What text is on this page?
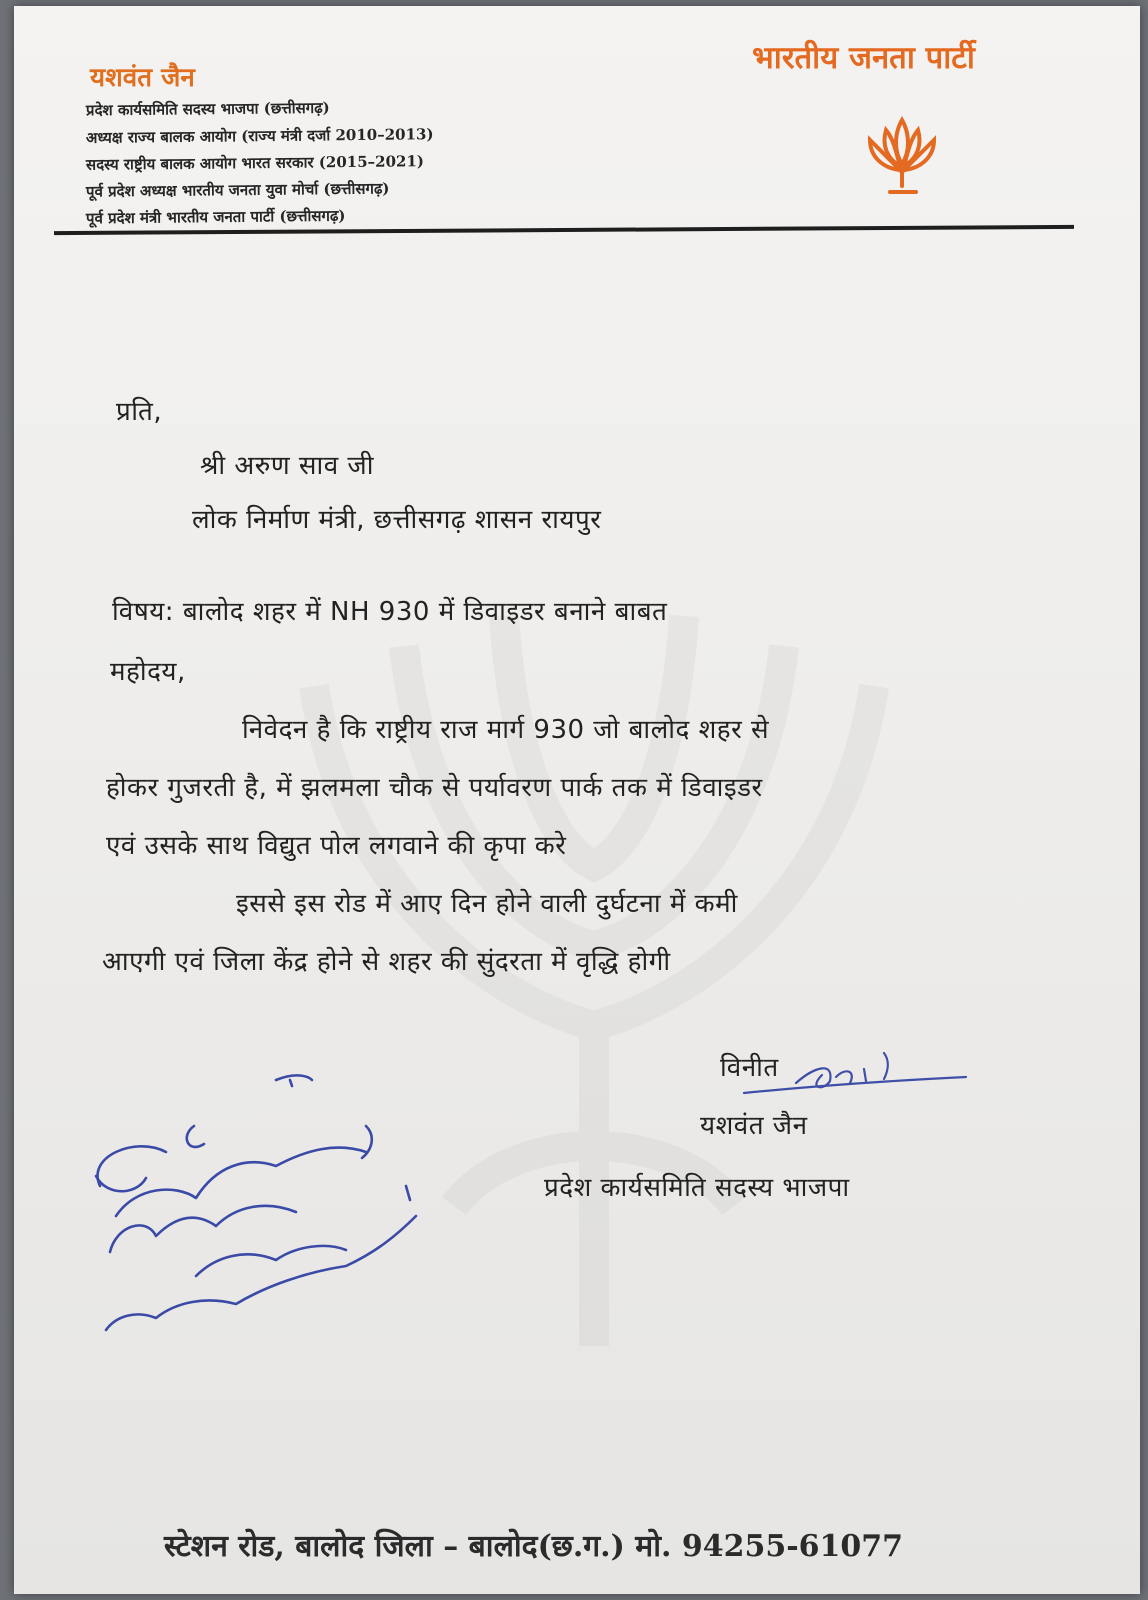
यशवंत जैन
प्रदेश कार्यसमिति सदस्य भाजपा (छत्तीसगढ़)
अध्यक्ष राज्य बालक आयोग (राज्य मंत्री दर्जा 2010–2013)
सदस्य राष्ट्रीय बालक आयोग भारत सरकार (2015–2021)
पूर्व प्रदेश अध्यक्ष भारतीय जनता युवा मोर्चा (छत्तीसगढ़)
पूर्व प्रदेश मंत्री भारतीय जनता पार्टी (छत्तीसगढ़)
भारतीय जनता पार्टी
प्रति,
श्री अरुण साव जी
लोक निर्माण मंत्री, छत्तीसगढ़ शासन रायपुर
विषय: बालोद शहर में NH 930 में डिवाइडर बनाने बाबत
महोदय,
निवेदन है कि राष्ट्रीय राज मार्ग 930 जो बालोद शहर से
होकर गुजरती है, में झलमला चौक से पर्यावरण पार्क तक में डिवाइडर
एवं उसके साथ विद्युत पोल लगवाने की कृपा करे
इससे इस रोड में आए दिन होने वाली दुर्घटना में कमी
आएगी एवं जिला केंद्र होने से शहर की सुंदरता में वृद्धि होगी
विनीत
यशवंत जैन
प्रदेश कार्यसमिति सदस्य भाजपा
स्टेशन रोड, बालोद जिला – बालोद(छ.ग.) मो. 94255-61077
